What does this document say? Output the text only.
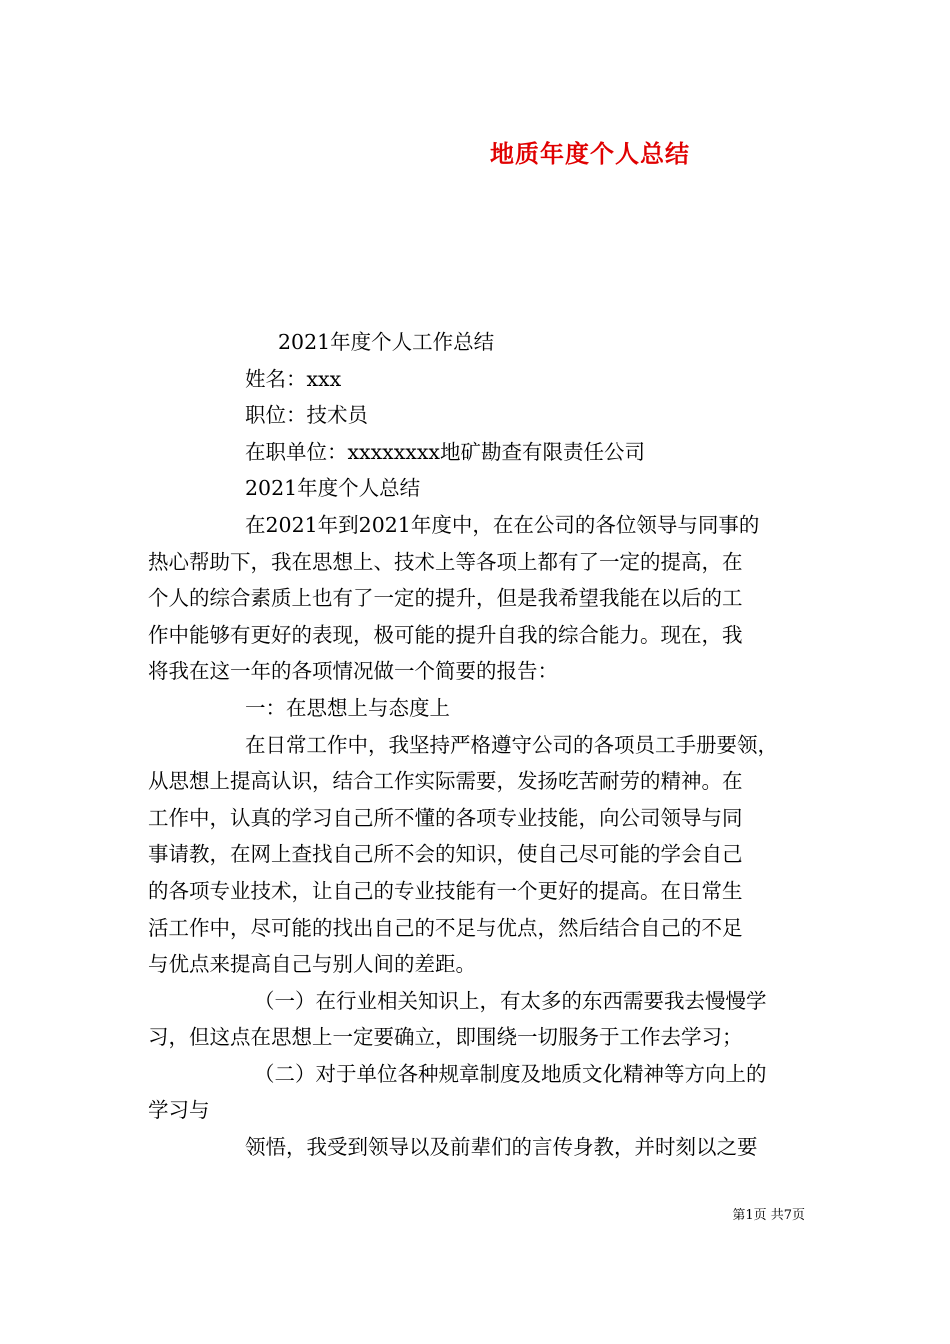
地质年度个人总结
2021年度个人工作总结
姓名：xxx
职位：技术员
在职单位：xxxxxxxx地矿勘查有限责任公司
2021年度个人总结
在2021年到2021年度中，在在公司的各位领导与同事的
热心帮助下，我在思想上、技术上等各项上都有了一定的提高，在
个人的综合素质上也有了一定的提升，但是我希望我能在以后的工
作中能够有更好的表现，极可能的提升自我的综合能力。现在，我
将我在这一年的各项情况做一个简要的报告：
一：在思想上与态度上
在日常工作中，我坚持严格遵守公司的各项员工手册要领，
从思想上提高认识，结合工作实际需要，发扬吃苦耐劳的精神。在
工作中，认真的学习自己所不懂的各项专业技能，向公司领导与同
事请教，在网上查找自己所不会的知识，使自己尽可能的学会自己
的各项专业技术，让自己的专业技能有一个更好的提高。在日常生
活工作中，尽可能的找出自己的不足与优点，然后结合自己的不足
与优点来提高自己与别人间的差距。
（一）在行业相关知识上，有太多的东西需要我去慢慢学
习，但这点在思想上一定要确立，即围绕一切服务于工作去学习；
（二）对于单位各种规章制度及地质文化精神等方向上的
学习与
领悟，我受到领导以及前辈们的言传身教，并时刻以之要
第1页 共7页
